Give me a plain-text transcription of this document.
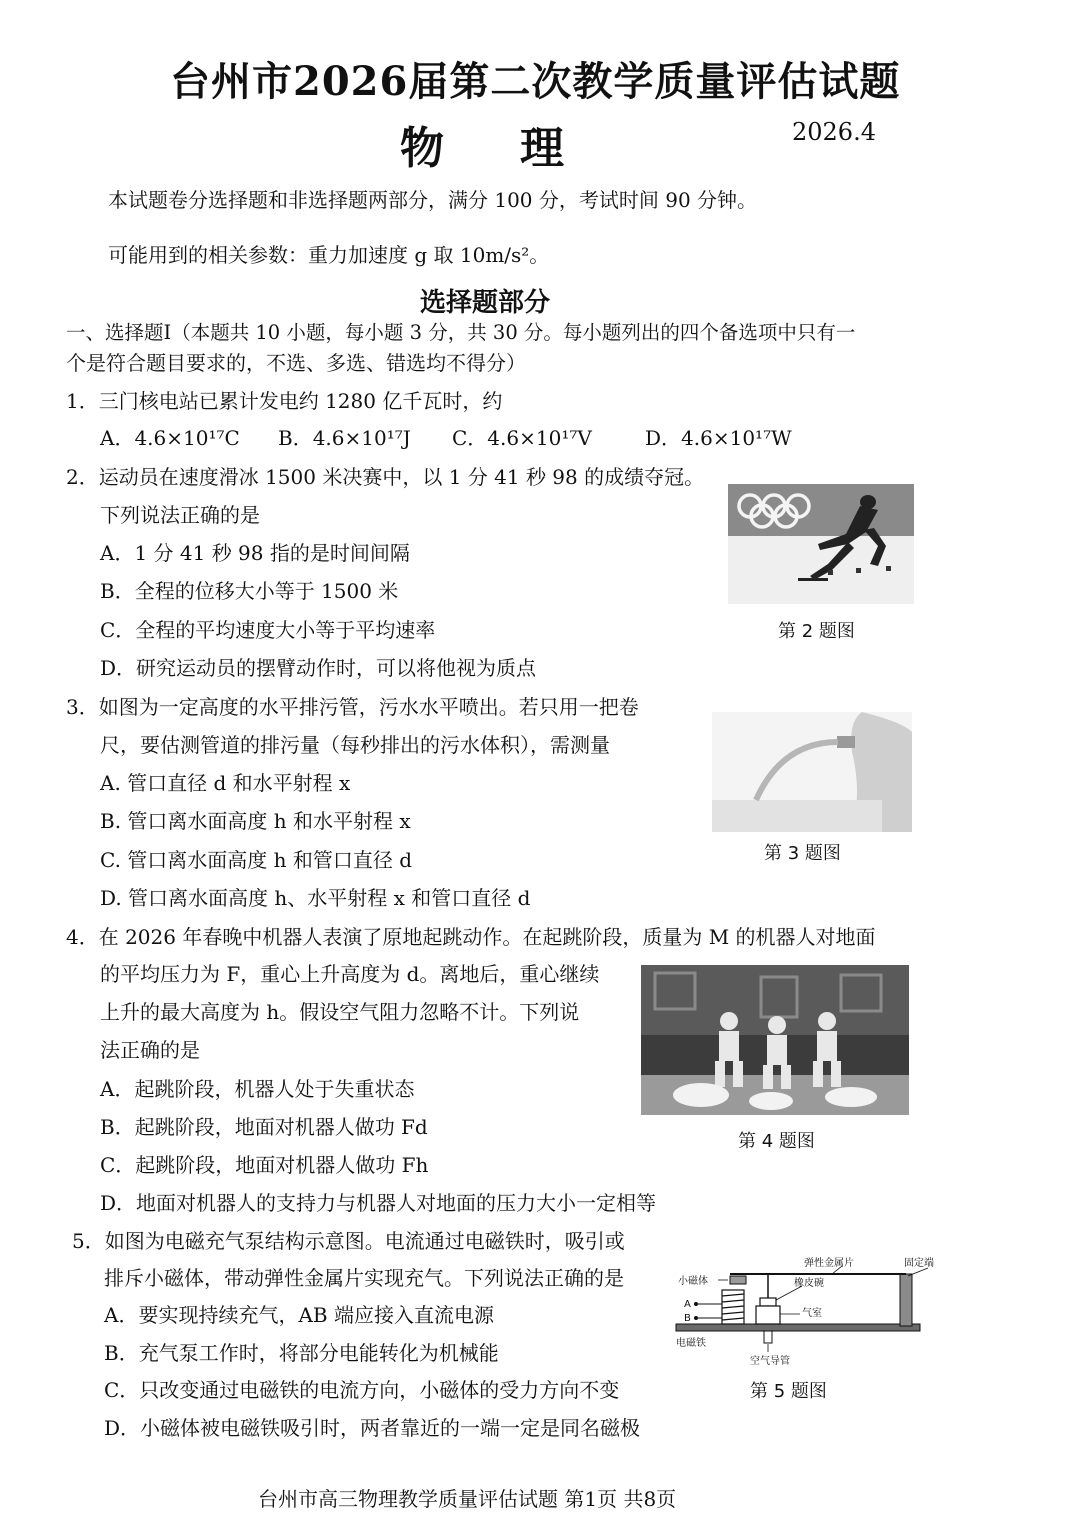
台州市2026届第二次教学质量评估试题
物 理	2026.4
本试题卷分选择题和非选择题两部分，满分 100 分，考试时间 90 分钟。
可能用到的相关参数：重力加速度 g 取 10m/s²。
选择题部分
一、选择题Ⅰ（本题共 10 小题，每小题 3 分，共 30 分。每小题列出的四个备选项中只有一
个是符合题目要求的，不选、多选、错选均不得分）
1．三门核电站已累计发电约 1280 亿千瓦时，约
A．4.6×10¹⁷C B．4.6×10¹⁷J C．4.6×10¹⁷V	D．4.6×10¹⁷W
2．运动员在速度滑冰 1500 米决赛中，以 1 分 41 秒 98 的成绩夺冠。
下列说法正确的是
A．1 分 41 秒 98 指的是时间间隔
B．全程的位移大小等于 1500 米
C．全程的平均速度大小等于平均速率
D．研究运动员的摆臂动作时，可以将他视为质点
第 2 题图
3．如图为一定高度的水平排污管，污水水平喷出。若只用一把卷
尺，要估测管道的排污量（每秒排出的污水体积），需测量
A. 管口直径 d 和水平射程 x
B. 管口离水面高度 h 和水平射程 x
C. 管口离水面高度 h 和管口直径 d
D. 管口离水面高度 h、水平射程 x 和管口直径 d
第 3 题图
4．在 2026 年春晚中机器人表演了原地起跳动作。在起跳阶段，质量为 M 的机器人对地面
的平均压力为 F，重心上升高度为 d。离地后，重心继续
上升的最大高度为 h。假设空气阻力忽略不计。下列说
法正确的是
A．起跳阶段，机器人处于失重状态
B．起跳阶段，地面对机器人做功 Fd
C．起跳阶段，地面对机器人做功 Fh
D．地面对机器人的支持力与机器人对地面的压力大小一定相等
第 4 题图
5．如图为电磁充气泵结构示意图。电流通过电磁铁时，吸引或
排斥小磁体，带动弹性金属片实现充气。下列说法正确的是
A．要实现持续充气，AB 端应接入直流电源
B．充气泵工作时，将部分电能转化为机械能
C．只改变通过电磁铁的电流方向，小磁体的受力方向不变
D．小磁体被电磁铁吸引时，两者靠近的一端一定是同名磁极
小磁体
弹性金属片	固定端
橡皮碗
气室
A
B
电磁铁
空气导管
第 5 题图
台州市高三物理教学质量评估试题 第1页 共8页
